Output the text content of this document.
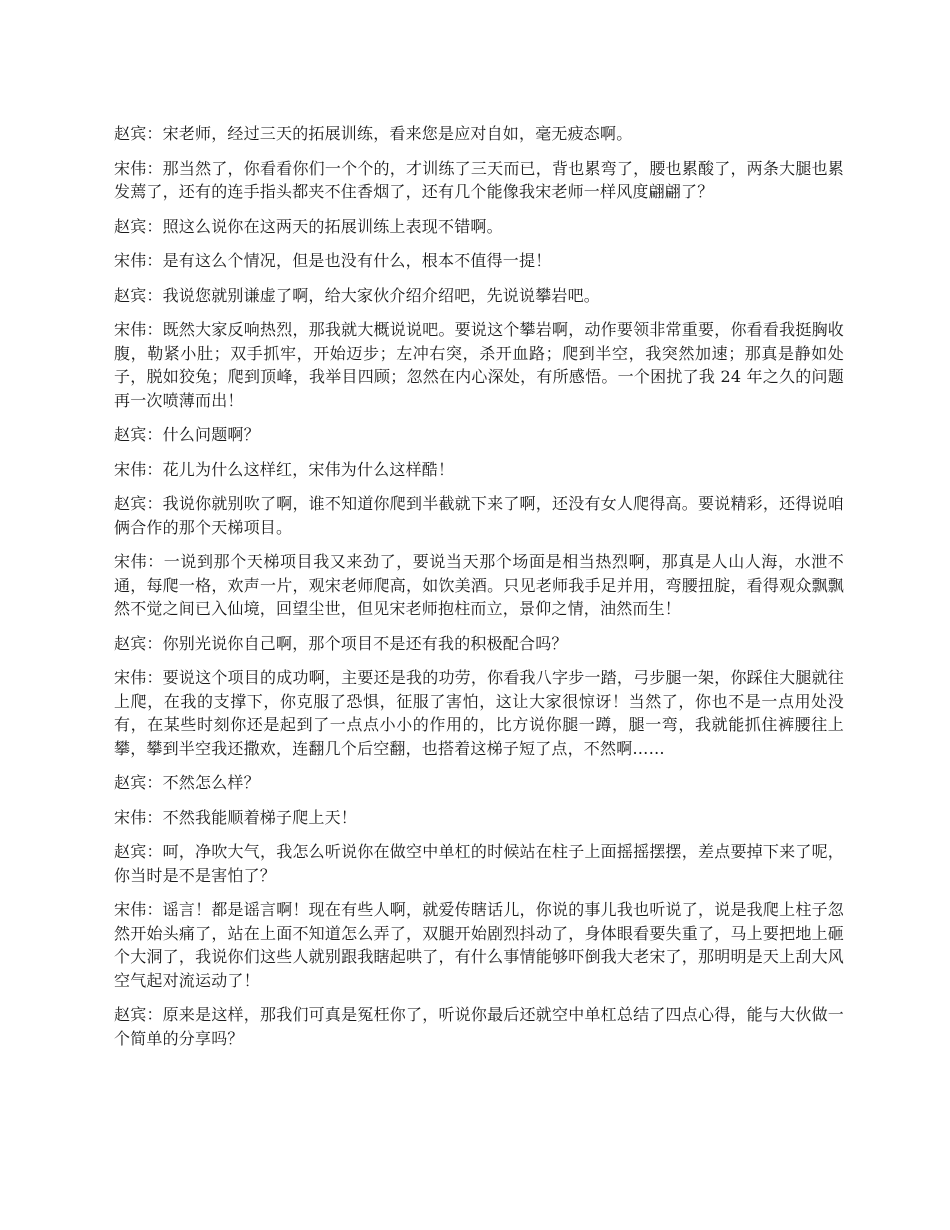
赵宾：宋老师，经过三天的拓展训练，看来您是应对自如，毫无疲态啊。

宋伟：那当然了，你看看你们一个个的，才训练了三天而已，背也累弯了，腰也累酸了，两条大腿也累发蔫了，还有的连手指头都夹不住香烟了，还有几个能像我宋老师一样风度翩翩了？

赵宾：照这么说你在这两天的拓展训练上表现不错啊。

宋伟：是有这么个情况，但是也没有什么，根本不值得一提！

赵宾：我说您就别谦虚了啊，给大家伙介绍介绍吧，先说说攀岩吧。

宋伟：既然大家反响热烈，那我就大概说说吧。要说这个攀岩啊，动作要领非常重要，你看看我挺胸收腹，勒紧小肚；双手抓牢，开始迈步；左冲右突，杀开血路；爬到半空，我突然加速；那真是静如处子，脱如狡兔；爬到顶峰，我举目四顾；忽然在内心深处，有所感悟。一个困扰了我 24 年之久的问题再一次喷薄而出！

赵宾：什么问题啊？

宋伟：花儿为什么这样红，宋伟为什么这样酷！

赵宾：我说你就别吹了啊，谁不知道你爬到半截就下来了啊，还没有女人爬得高。要说精彩，还得说咱俩合作的那个天梯项目。

宋伟：一说到那个天梯项目我又来劲了，要说当天那个场面是相当热烈啊，那真是人山人海，水泄不通，每爬一格，欢声一片，观宋老师爬高，如饮美酒。只见老师我手足并用，弯腰扭腚，看得观众飘飘然不觉之间已入仙境，回望尘世，但见宋老师抱柱而立，景仰之情，油然而生！

赵宾：你别光说你自己啊，那个项目不是还有我的积极配合吗？

宋伟：要说这个项目的成功啊，主要还是我的功劳，你看我八字步一踏，弓步腿一架，你踩住大腿就往上爬，在我的支撑下，你克服了恐惧，征服了害怕，这让大家很惊讶！当然了，你也不是一点用处没有，在某些时刻你还是起到了一点点小小的作用的，比方说你腿一蹲，腿一弯，我就能抓住裤腰往上攀，攀到半空我还撒欢，连翻几个后空翻，也搭着这梯子短了点，不然啊……

赵宾：不然怎么样？

宋伟：不然我能顺着梯子爬上天！

赵宾：呵，净吹大气，我怎么听说你在做空中单杠的时候站在柱子上面摇摇摆摆，差点要掉下来了呢，你当时是不是害怕了？

宋伟：谣言！都是谣言啊！现在有些人啊，就爱传瞎话儿，你说的事儿我也听说了，说是我爬上柱子忽然开始头痛了，站在上面不知道怎么弄了，双腿开始剧烈抖动了，身体眼看要失重了，马上要把地上砸个大洞了，我说你们这些人就别跟我瞎起哄了，有什么事情能够吓倒我大老宋了，那明明是天上刮大风空气起对流运动了！

赵宾：原来是这样，那我们可真是冤枉你了，听说你最后还就空中单杠总结了四点心得，能与大伙做一个简单的分享吗？
